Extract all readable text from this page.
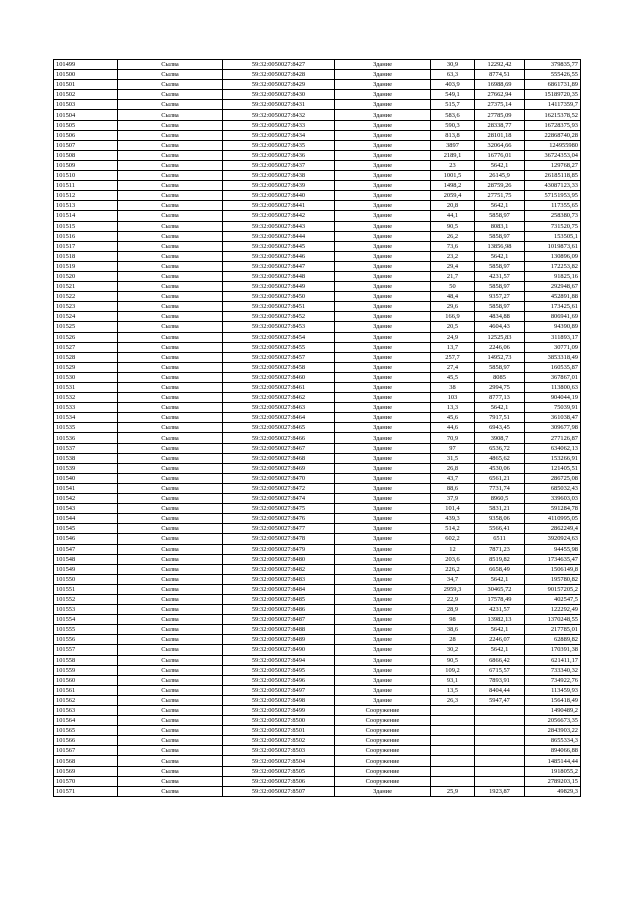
101499	Сылва	59:32:0050027:8427	Здание	30,9	12292,42	379835,77
101500	Сылва	59:32:0050027:8428	Здание	63,3	8774,51	555426,55
101501	Сылва	59:32:0050027:8429	Здание	403,9	16988,69	6861731,89
101502	Сылва	59:32:0050027:8430	Здание	549,1	27662,94	15189720,35
101503	Сылва	59:32:0050027:8431	Здание	515,7	27375,14	14117359,7
101504	Сылва	59:32:0050027:8432	Здание	583,6	27785,09	16215378,52
101505	Сылва	59:32:0050027:8433	Здание	590,3	28338,77	16728375,93
101506	Сылва	59:32:0050027:8434	Здание	813,8	28101,18	22868740,28
101507	Сылва	59:32:0050027:8435	Здание	3897	32064,66	124955980
101508	Сылва	59:32:0050027:8436	Здание	2189,1	16776,01	36724353,04
101509	Сылва	59:32:0050027:8437	Здание	23	5642,1	129768,27
101510	Сылва	59:32:0050027:8438	Здание	1001,5	26145,9	26185118,85
101511	Сылва	59:32:0050027:8439	Здание	1498,2	28759,26	43087123,33
101512	Сылва	59:32:0050027:8440	Здание	2059,4	27751,75	57151953,95
101513	Сылва	59:32:0050027:8441	Здание	20,8	5642,1	117355,65
101514	Сылва	59:32:0050027:8442	Здание	44,1	5858,97	258380,73
101515	Сылва	59:32:0050027:8443	Здание	90,5	8083,1	731520,75
101516	Сылва	59:32:0050027:8444	Здание	26,2	5858,97	153505,1
101517	Сылва	59:32:0050027:8445	Здание	73,6	13856,98	1019873,61
101518	Сылва	59:32:0050027:8446	Здание	23,2	5642,1	130896,09
101519	Сылва	59:32:0050027:8447	Здание	29,4	5858,97	172253,82
101520	Сылва	59:32:0050027:8448	Здание	21,7	4231,57	91825,16
101521	Сылва	59:32:0050027:8449	Здание	50	5858,97	292948,67
101522	Сылва	59:32:0050027:8450	Здание	48,4	9357,27	452891,88
101523	Сылва	59:32:0050027:8451	Здание	29,6	5858,97	173425,61
101524	Сылва	59:32:0050027:8452	Здание	166,9	4834,88	806941,69
101525	Сылва	59:32:0050027:8453	Здание	20,5	4604,43	94390,89
101526	Сылва	59:32:0050027:8454	Здание	24,9	12525,83	311893,17
101527	Сылва	59:32:0050027:8455	Здание	13,7	2246,06	30771,09
101528	Сылва	59:32:0050027:8457	Здание	257,7	14952,73	3853318,49
101529	Сылва	59:32:0050027:8458	Здание	27,4	5858,97	160535,87
101530	Сылва	59:32:0050027:8460	Здание	45,5	8085	367867,01
101531	Сылва	59:32:0050027:8461	Здание	38	2994,75	113800,63
101532	Сылва	59:32:0050027:8462	Здание	103	8777,13	904044,19
101533	Сылва	59:32:0050027:8463	Здание	13,3	5642,1	75039,91
101534	Сылва	59:32:0050027:8464	Здание	45,6	7917,51	361038,47
101535	Сылва	59:32:0050027:8465	Здание	44,6	6943,45	309677,98
101536	Сылва	59:32:0050027:8466	Здание	70,9	3908,7	277126,87
101537	Сылва	59:32:0050027:8467	Здание	97	6536,72	634062,13
101538	Сылва	59:32:0050027:8468	Здание	31,5	4865,62	153266,91
101539	Сылва	59:32:0050027:8469	Здание	26,8	4530,06	121405,51
101540	Сылва	59:32:0050027:8470	Здание	43,7	6561,21	286725,08
101541	Сылва	59:32:0050027:8472	Здание	88,6	7731,74	685032,43
101542	Сылва	59:32:0050027:8474	Здание	37,9	8960,5	339603,03
101543	Сылва	59:32:0050027:8475	Здание	101,4	5831,21	591284,78
101544	Сылва	59:32:0050027:8476	Здание	439,3	9358,06	4110995,05
101545	Сылва	59:32:0050027:8477	Здание	514,2	5566,41	2862249,4
101546	Сылва	59:32:0050027:8478	Здание	602,2	6511	3920924,63
101547	Сылва	59:32:0050027:8479	Здание	12	7871,23	94455,98
101548	Сылва	59:32:0050027:8480	Здание	203,6	8519,82	1734635,47
101549	Сылва	59:32:0050027:8482	Здание	226,2	6658,49	1506149,8
101550	Сылва	59:32:0050027:8483	Здание	34,7	5642,1	195780,82
101551	Сылва	59:32:0050027:8484	Здание	2959,3	30465,72	90157205,2
101552	Сылва	59:32:0050027:8485	Здание	22,9	17578,49	402547,5
101553	Сылва	59:32:0050027:8486	Здание	28,9	4231,57	122292,49
101554	Сылва	59:32:0050027:8487	Здание	98	13982,13	1370248,55
101555	Сылва	59:32:0050027:8488	Здание	38,6	5642,1	217785,01
101556	Сылва	59:32:0050027:8489	Здание	28	2246,07	62889,82
101557	Сылва	59:32:0050027:8490	Здание	30,2	5642,1	170391,38
101558	Сылва	59:32:0050027:8494	Здание	90,5	6866,42	621411,17
101559	Сылва	59:32:0050027:8495	Здание	109,2	6715,57	733340,32
101560	Сылва	59:32:0050027:8496	Здание	93,1	7893,91	734922,76
101561	Сылва	59:32:0050027:8497	Здание	13,5	8404,44	113459,93
101562	Сылва	59:32:0050027:8498	Здание	26,3	5947,47	156418,49
101563	Сылва	59:32:0050027:8499	Сооружение			1490489,2
101564	Сылва	59:32:0050027:8500	Сооружение			2056673,35
101565	Сылва	59:32:0050027:8501	Сооружение			2843903,22
101566	Сылва	59:32:0050027:8502	Сооружение			8655334,3
101567	Сылва	59:32:0050027:8503	Сооружение			894066,88
101568	Сылва	59:32:0050027:8504	Сооружение			1485144,44
101569	Сылва	59:32:0050027:8505	Сооружение			1918055,2
101570	Сылва	59:32:0050027:8506	Сооружение			2789203,15
101571	Сылва	59:32:0050027:8507	Здание	25,9	1923,87	49829,3
